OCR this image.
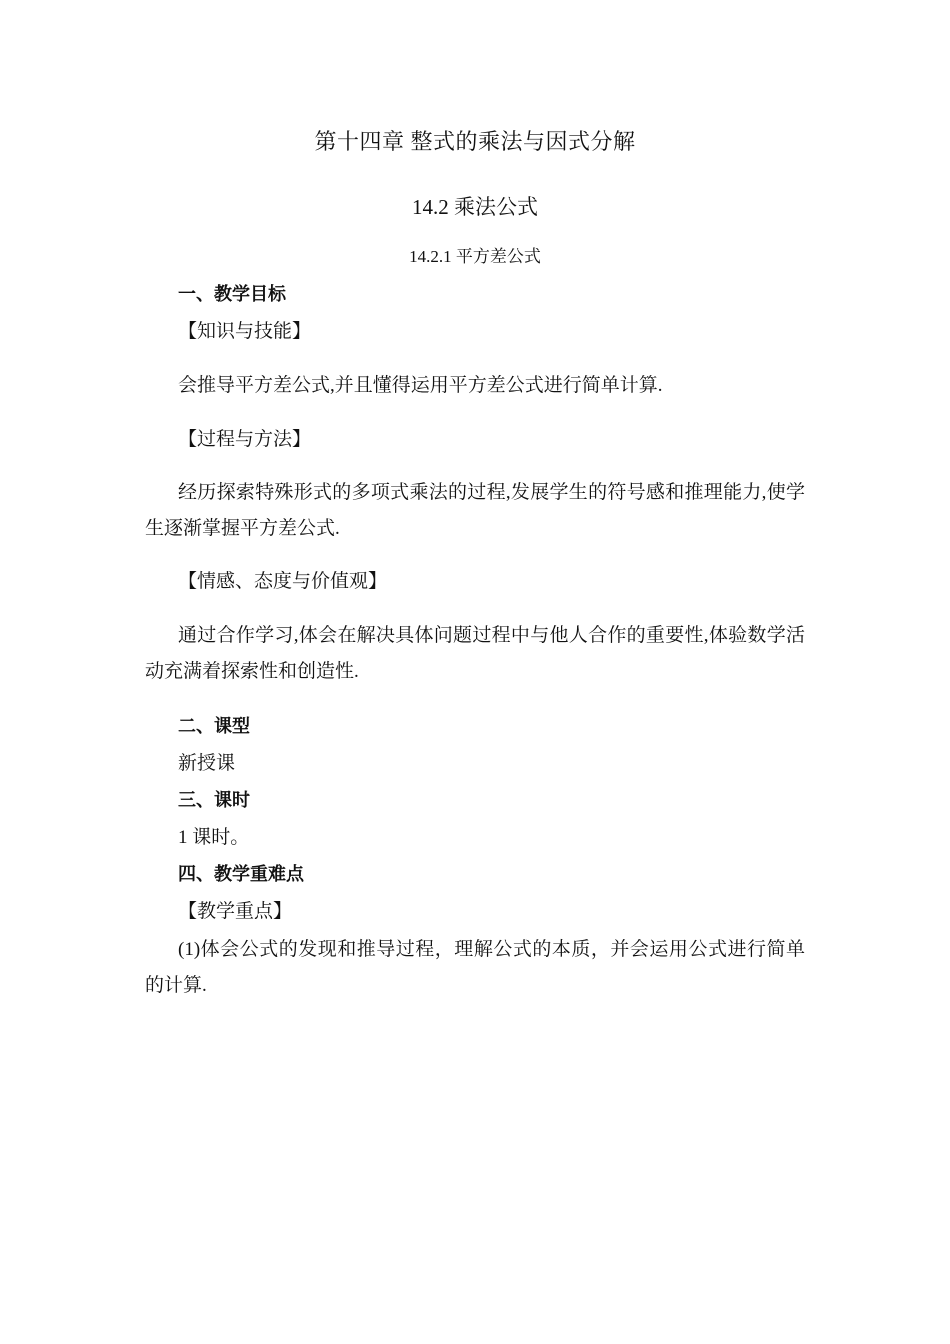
第十四章 整式的乘法与因式分解
14.2 乘法公式
14.2.1 平方差公式
一、教学目标
【知识与技能】
会推导平方差公式,并且懂得运用平方差公式进行简单计算.
【过程与方法】
经历探索特殊形式的多项式乘法的过程,发展学生的符号感和推理能力,使学生逐渐掌握平方差公式.
【情感、态度与价值观】
通过合作学习,体会在解决具体问题过程中与他人合作的重要性,体验数学活动充满着探索性和创造性.
二、课型
新授课
三、课时
1 课时。
四、教学重难点
【教学重点】
(1)体会公式的发现和推导过程，理解公式的本质，并会运用公式进行简单的计算.
